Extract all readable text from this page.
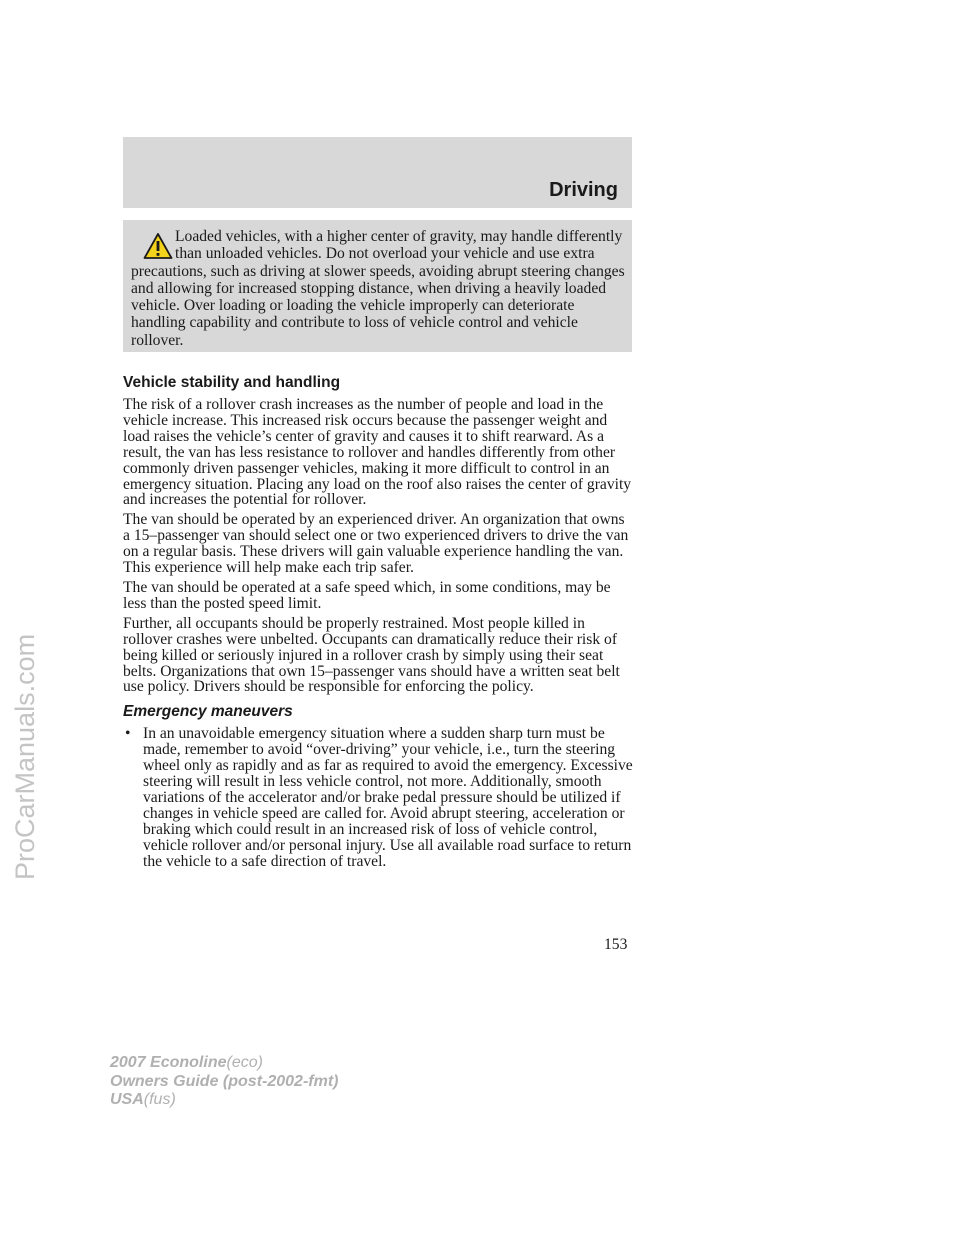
Driving

Loaded vehicles, with a higher center of gravity, may handle differently than unloaded vehicles. Do not overload your vehicle and use extra precautions, such as driving at slower speeds, avoiding abrupt steering changes and allowing for increased stopping distance, when driving a heavily loaded vehicle. Over loading or loading the vehicle improperly can deteriorate handling capability and contribute to loss of vehicle control and vehicle rollover.

Vehicle stability and handling

The risk of a rollover crash increases as the number of people and load in the vehicle increase. This increased risk occurs because the passenger weight and load raises the vehicle’s center of gravity and causes it to shift rearward. As a result, the van has less resistance to rollover and handles differently from other commonly driven passenger vehicles, making it more difficult to control in an emergency situation. Placing any load on the roof also raises the center of gravity and increases the potential for rollover.

The van should be operated by an experienced driver. An organization that owns a 15–passenger van should select one or two experienced drivers to drive the van on a regular basis. These drivers will gain valuable experience handling the van. This experience will help make each trip safer.

The van should be operated at a safe speed which, in some conditions, may be less than the posted speed limit.

Further, all occupants should be properly restrained. Most people killed in rollover crashes were unbelted. Occupants can dramatically reduce their risk of being killed or seriously injured in a rollover crash by simply using their seat belts. Organizations that own 15–passenger vans should have a written seat belt use policy. Drivers should be responsible for enforcing the policy.

Emergency maneuvers
• In an unavoidable emergency situation where a sudden sharp turn must be made, remember to avoid “over-driving” your vehicle, i.e., turn the steering wheel only as rapidly and as far as required to avoid the emergency. Excessive steering will result in less vehicle control, not more. Additionally, smooth variations of the accelerator and/or brake pedal pressure should be utilized if changes in vehicle speed are called for. Avoid abrupt steering, acceleration or braking which could result in an increased risk of loss of vehicle control, vehicle rollover and/or personal injury. Use all available road surface to return the vehicle to a safe direction of travel.
153
2007 Econoline(eco)
Owners Guide (post-2002-fmt)
USA(fus)
ProCarManuals.com
